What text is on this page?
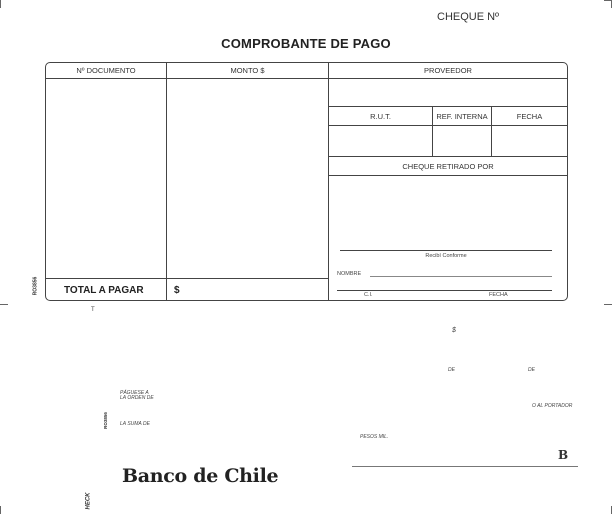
CHEQUE Nº
COMPROBANTE DE PAGO
Nº DOCUMENTO	MONTO $	PROVEEDOR
R.U.T.	REF. INTERNA	FECHA
CHEQUE RETIRADO POR
Recibí Conforme
NOMBRE
C.I.	FECHA
TOTAL A PAGAR	$
RO3856
T
$
DE	DE
PÁGUESE A
LA ORDEN DE
O AL PORTADOR
RO3856 LA SUMA DE
PESOS MIL.
B
Banco de Chile
HECK
